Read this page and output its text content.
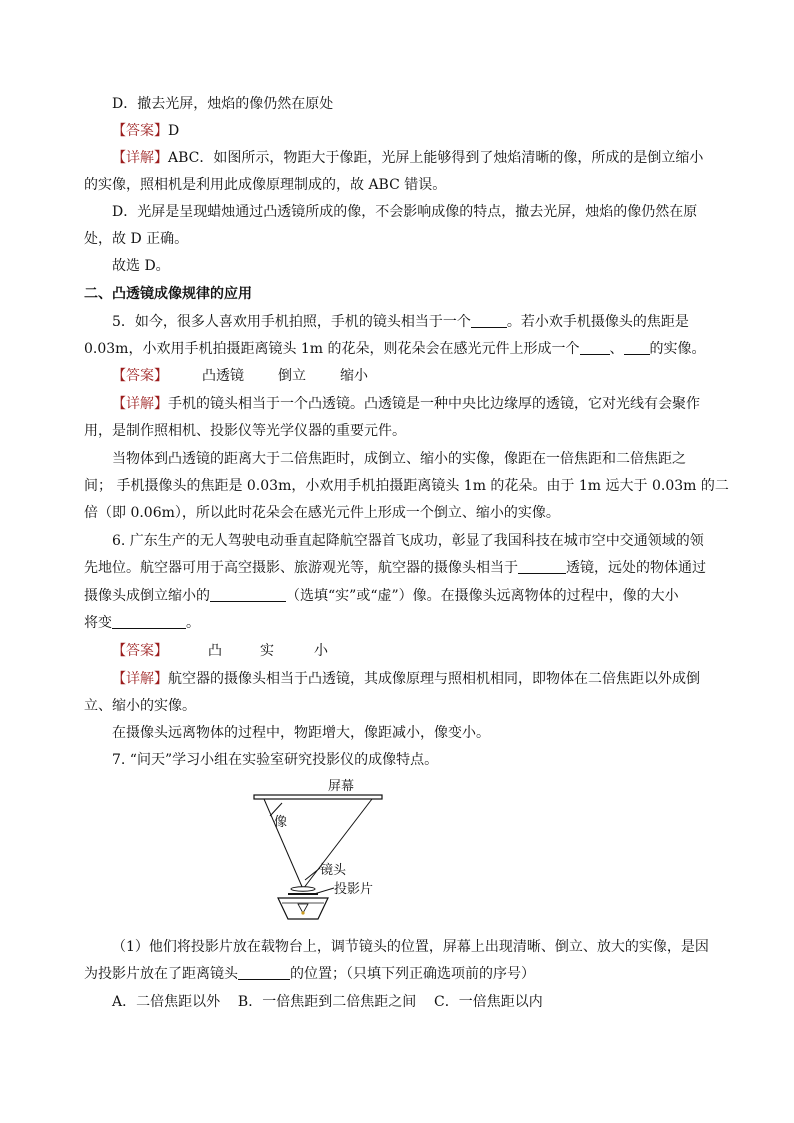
D．撤去光屏，烛焰的像仍然在原处
【答案】D
【详解】ABC．如图所示，物距大于像距，光屏上能够得到了烛焰清晰的像，所成的是倒立缩小
的实像，照相机是利用此成像原理制成的，故 ABC 错误。
D．光屏是呈现蜡烛通过凸透镜所成的像，不会影响成像的特点，撤去光屏，烛焰的像仍然在原
处，故 D 正确。
故选 D。
二、凸透镜成像规律的应用
5．如今，很多人喜欢用手机拍照，手机的镜头相当于一个	。若小欢手机摄像头的焦距是
0.03m，小欢用手机拍摄距离镜头 1m 的花朵，则花朵会在感光元件上形成一个 、 的实像。
【答案】 凸透镜 倒立 缩小
【详解】手机的镜头相当于一个凸透镜。凸透镜是一种中央比边缘厚的透镜，它对光线有会聚作
用，是制作照相机、投影仪等光学仪器的重要元件。
当物体到凸透镜的距离大于二倍焦距时，成倒立、缩小的实像，像距在一倍焦距和二倍焦距之
间； 手机摄像头的焦距是 0.03m，小欢用手机拍摄距离镜头 1m 的花朵。由于 1m 远大于 0.03m 的二
倍（即 0.06m），所以此时花朵会在感光元件上形成一个倒立、缩小的实像。
6. 广东生产的无人驾驶电动垂直起降航空器首飞成功，彰显了我国科技在城市空中交通领域的领
先地位。航空器可用于高空摄影、旅游观光等，航空器的摄像头相当于	透镜，远处的物体通过
摄像头成倒立缩小的	（选填“实”或“虚”）像。在摄像头远离物体的过程中，像的大小
将变	。
【答案】	凸	实	小
【详解】航空器的摄像头相当于凸透镜，其成像原理与照相机相同，即物体在二倍焦距以外成倒
立、缩小的实像。
在摄像头远离物体的过程中，物距增大，像距减小，像变小。
7. “问天”学习小组在实验室研究投影仪的成像特点。
屏幕
像
镜头
投影片
（1）他们将投影片放在载物台上，调节镜头的位置，屏幕上出现清晰、倒立、放大的实像，是因
为投影片放在了距离镜头	的位置；（只填下列正确选项前的序号）
A．二倍焦距以外    B．一倍焦距到二倍焦距之间    C．一倍焦距以内
